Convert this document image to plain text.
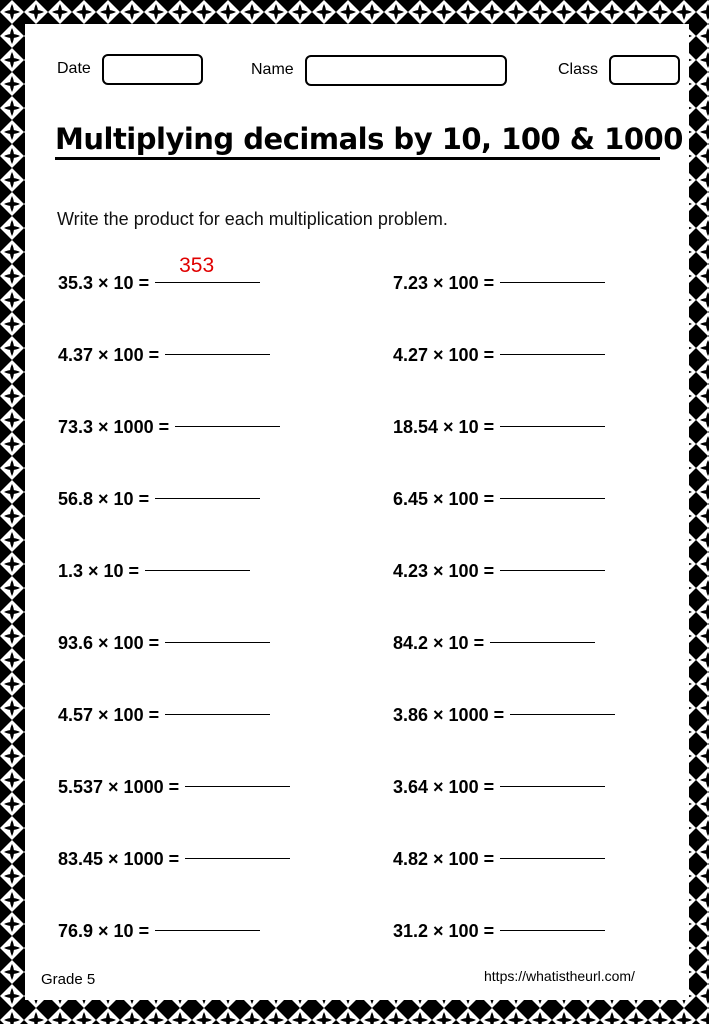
Date	Name	Class
Multiplying decimals by 10, 100 & 1000
Write the product for each multiplication problem.
35.3 × 10 =
353
4.37 × 100 =
73.3 × 1000 =
56.8 × 10 =
1.3 × 10 =
93.6 × 100 =
4.57 × 100 =
5.537 × 1000 =
83.45 × 1000 =
76.9 × 10 =
7.23 × 100 =
4.27 × 100 =
18.54 × 10 =
6.45 × 100 =
4.23 × 100 =
84.2 × 10 =
3.86 × 1000 =
3.64 × 100 =
4.82 × 100 =
31.2 × 100 =
Grade 5	https://whatistheurl.com/
